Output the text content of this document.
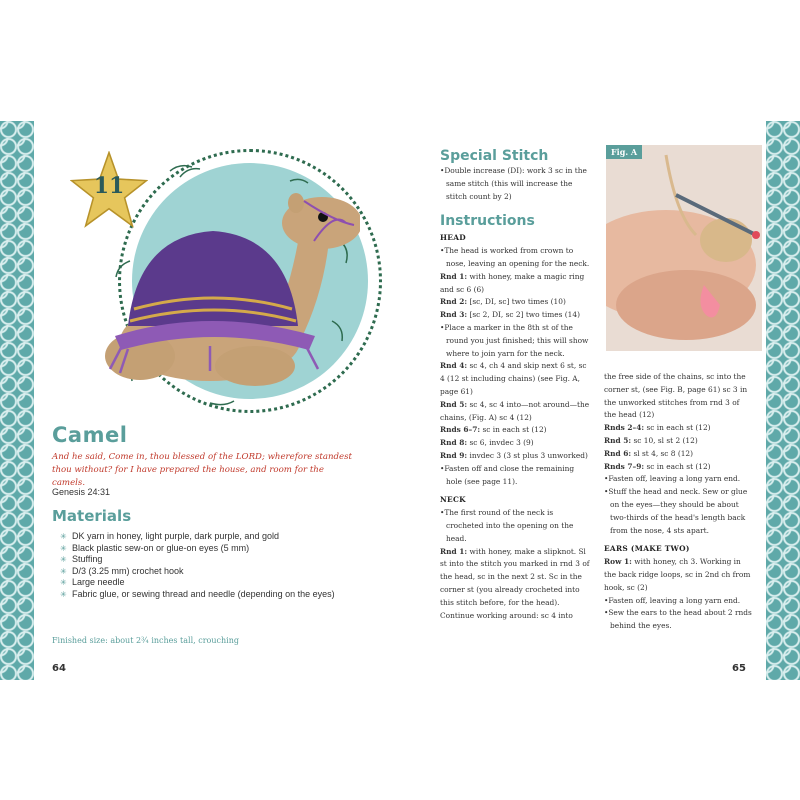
11
Camel
And he said, Come in, thou blessed of the LORD; wherefore standest thou without? for I have prepared the house, and room for the camels.
Genesis 24:31
Materials
✳ DK yarn in honey, light purple, dark purple, and gold
✳ Black plastic sew-on or glue-on eyes (5 mm)
✳ Stuffing
✳ D/3 (3.25 mm) crochet hook
✳ Large needle
✳ Fabric glue, or sewing thread and needle (depending on the eyes)
Finished size: about 2¾ inches tall, crouching
64
Special Stitch
• Double increase (DI): work 3 sc in the same stitch (this will increase the stitch count by 2)
Instructions
HEAD
• The head is worked from crown to nose, leaving an opening for the neck.
Rnd 1: with honey, make a magic ring and sc 6 (6)
Rnd 2: [sc, DI, sc] two times (10)
Rnd 3: [sc 2, DI, sc 2] two times (14)
• Place a marker in the 8th st of the round you just finished; this will show where to join yarn for the neck.
Rnd 4: sc 4, ch 4 and skip next 6 st, sc 4 (12 st including chains) (see Fig. A, page 61)
Rnd 5: sc 4, sc 4 into—not around—the chains, (Fig. A) sc 4 (12)
Rnds 6–7: sc in each st (12)
Rnd 8: sc 6, invdec 3 (9)
Rnd 9: invdec 3 (3 st plus 3 unworked)
• Fasten off and close the remaining hole (see page 11).
NECK
• The first round of the neck is crocheted into the opening on the head.
Rnd 1: with honey, make a slipknot. Sl st into the stitch you marked in rnd 3 of the head, sc in the next 2 st. Sc in the corner st (you already crocheted into this stitch before, for the head). Continue working around: sc 4 into
Fig. A
the free side of the chains, sc into the corner st, (see Fig. B, page 61) sc 3 in the unworked stitches from rnd 3 of the head (12)
Rnds 2–4: sc in each st (12)
Rnd 5: sc 10, sl st 2 (12)
Rnd 6: sl st 4, sc 8 (12)
Rnds 7–9: sc in each st (12)
• Fasten off, leaving a long yarn end.
• Stuff the head and neck. Sew or glue on the eyes—they should be about two-thirds of the head's length back from the nose, 4 sts apart.
EARS (MAKE TWO)
Row 1: with honey, ch 3. Working in the back ridge loops, sc in 2nd ch from hook, sc (2)
• Fasten off, leaving a long yarn end.
• Sew the ears to the head about 2 rnds behind the eyes.
65
